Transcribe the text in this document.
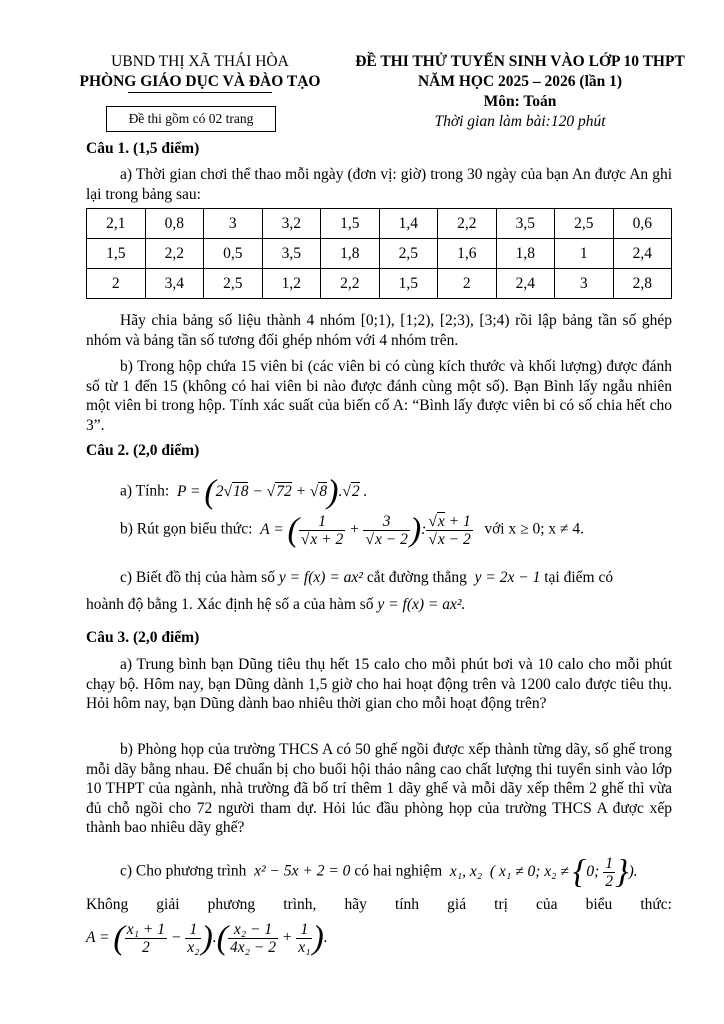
UBND THỊ XÃ THÁI HÒA
PHÒNG GIÁO DỤC VÀ ĐÀO TẠO
Đề thi gồm có 02 trang
ĐỀ THI THỬ TUYỂN SINH VÀO LỚP 10 THPT
NĂM HỌC 2025 – 2026 (lần 1)
Môn: Toán
Thời gian làm bài:120 phút
Câu 1. (1,5 điểm)
a) Thời gian chơi thể thao mỗi ngày (đơn vị: giờ) trong 30 ngày của bạn An được An ghi lại trong bảng sau:
2,1	0,8	3	3,2	1,5	1,4	2,2	3,5	2,5	0,6
1,5	2,2	0,5	3,5	1,8	2,5	1,6	1,8	1	2,4
2	3,4	2,5	1,2	2,2	1,5	2	2,4	3	2,8
Hãy chia bảng số liệu thành 4 nhóm [0;1), [1;2), [2;3), [3;4) rồi lập bảng tần số ghép nhóm và bảng tần số tương đối ghép nhóm với 4 nhóm trên.
b) Trong hộp chứa 15 viên bi (các viên bi có cùng kích thước và khối lượng) được đánh số từ 1 đến 15 (không có hai viên bi nào được đánh cùng một số). Bạn Bình lấy ngẫu nhiên một viên bi trong hộp. Tính xác suất của biến cố A: “Bình lấy được viên bi có số chia hết cho 3”.
Câu 2. (2,0 điểm)
a) Tính:  P = (2√18 − √72 + √8).√2 .
b) Rút gọn biểu thức:  A = ( $\frac{1}{√x + 2} + \frac{3}{√x - 2}$ ): $\frac{√x + 1}{√x - 2}$ với x ≥ 0; x ≠ 4.
c) Biết đồ thị của hàm số y = f(x) = ax² cắt đường thẳng  y = 2x − 1 tại điểm có
hoành độ bằng 1. Xác định hệ số a của hàm số y = f(x) = ax².
Câu 3. (2,0 điểm)
a) Trung bình bạn Dũng tiêu thụ hết 15 calo cho mỗi phút bơi và 10 calo cho mỗi phút chạy bộ. Hôm nay, bạn Dũng dành 1,5 giờ cho hai hoạt động trên và 1200 calo được tiêu thụ. Hỏi hôm nay, bạn Dũng dành bao nhiêu thời gian cho mỗi hoạt động trên?
b) Phòng họp của trường THCS A có 50 ghế ngồi được xếp thành từng dãy, số ghế trong mỗi dãy bằng nhau. Để chuẩn bị cho buổi hội thảo nâng cao chất lượng thi tuyển sinh vào lớp 10 THPT của ngành, nhà trường đã bố trí thêm 1 dãy ghế và mỗi dãy xếp thêm 2 ghế thì vừa đủ chỗ ngồi cho 72 người tham dự. Hỏi lúc đầu phòng họp của trường THCS A được xếp thành bao nhiêu dãy ghế?
c) Cho phương trình  x² − 5x + 2 = 0 có hai nghiệm  x₁, x₂  ( x₁ ≠ 0; x₂ ≠ {0; $\frac{1}{2}$ }).
Không giải phương trình, hãy tính giá trị của biểu thức:
A = ( $\frac{\text{x₁ + 1}}{2} - \frac{1}{\text{x₂}}$ ).( $\frac{\text{x₂ − 1}}{\text{4x₂ − 2}} + \frac{1}{\text{x₁}}$ ).
